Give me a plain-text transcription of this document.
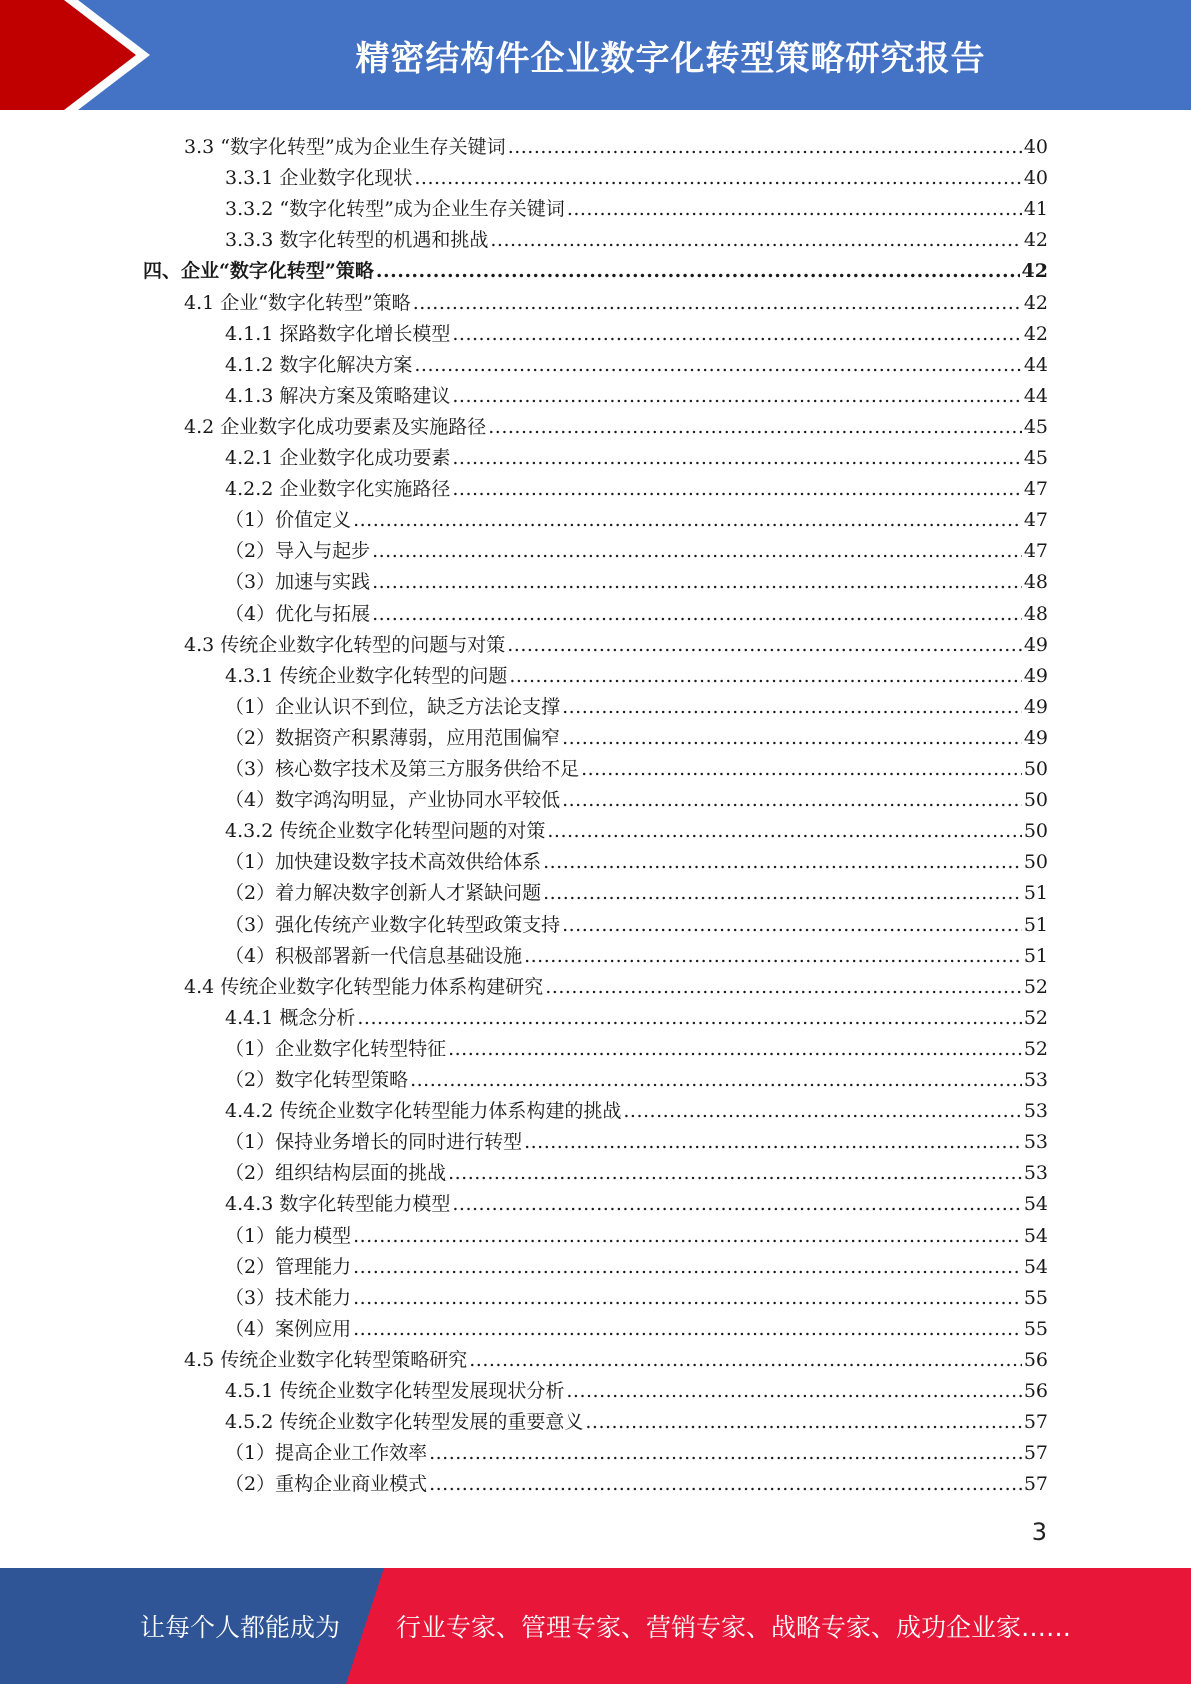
精密结构件企业数字化转型策略研究报告
3.3 “数字化转型”成为企业生存关键词 .....	40
3.3.1 企业数字化现状 .....	40
3.3.2 “数字化转型”成为企业生存关键词 .....	41
3.3.3 数字化转型的机遇和挑战 .....	42
四、企业“数字化转型”策略 .....	42
4.1 企业“数字化转型”策略 .....	42
4.1.1 探路数字化增长模型 .....	42
4.1.2 数字化解决方案 .....	44
4.1.3 解决方案及策略建议 .....	44
4.2 企业数字化成功要素及实施路径 .....	45
4.2.1 企业数字化成功要素 .....	45
4.2.2 企业数字化实施路径 .....	47
（1）价值定义 .....	47
（2）导入与起步 .....	47
（3）加速与实践 .....	48
（4）优化与拓展 .....	48
4.3 传统企业数字化转型的问题与对策 .....	49
4.3.1 传统企业数字化转型的问题 .....	49
（1）企业认识不到位，缺乏方法论支撑 .....	49
（2）数据资产积累薄弱，应用范围偏窄 .....	49
（3）核心数字技术及第三方服务供给不足 .....	50
（4）数字鸿沟明显，产业协同水平较低 .....	50
4.3.2 传统企业数字化转型问题的对策 .....	50
（1）加快建设数字技术高效供给体系 .....	50
（2）着力解决数字创新人才紧缺问题 .....	51
（3）强化传统产业数字化转型政策支持 .....	51
（4）积极部署新一代信息基础设施 .....	51
4.4 传统企业数字化转型能力体系构建研究 .....	52
4.4.1 概念分析 .....	52
（1）企业数字化转型特征 .....	52
（2）数字化转型策略 .....	53
4.4.2 传统企业数字化转型能力体系构建的挑战 .....	53
（1）保持业务增长的同时进行转型 .....	53
（2）组织结构层面的挑战 .....	53
4.4.3 数字化转型能力模型 .....	54
（1）能力模型 .....	54
（2）管理能力 .....	54
（3）技术能力 .....	55
（4）案例应用 .....	55
4.5 传统企业数字化转型策略研究 .....	56
4.5.1 传统企业数字化转型发展现状分析 .....	56
4.5.2 传统企业数字化转型发展的重要意义 .....	57
（1）提高企业工作效率 .....	57
（2）重构企业商业模式 .....	57
3
让每个人都能成为 行业专家、管理专家、营销专家、战略专家、成功企业家……
